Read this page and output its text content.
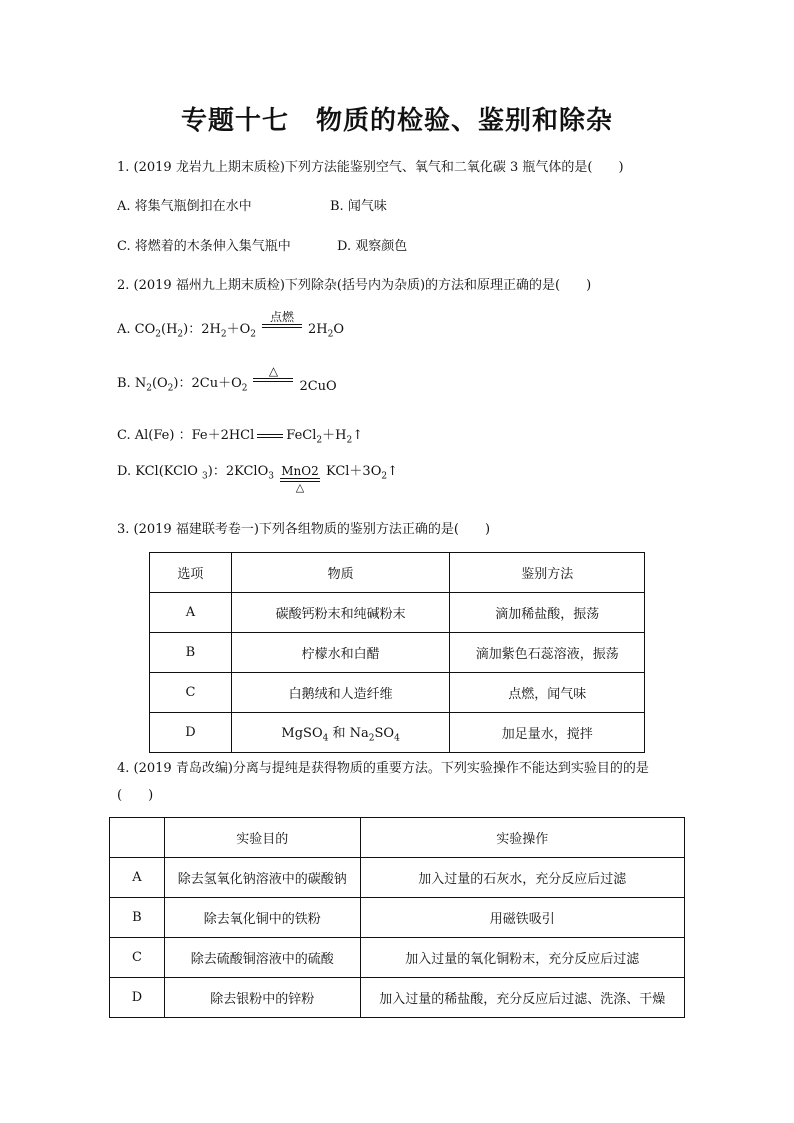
专题十七　物质的检验、鉴别和除杂
1. (2019 龙岩九上期末质检)下列方法能鉴别空气、氧气和二氧化碳 3 瓶气体的是(　　)
A. 将集气瓶倒扣在水中	B. 闻气味
C. 将燃着的木条伸入集气瓶中	D. 观察颜色
2. (2019 福州九上期末质检)下列除杂(括号内为杂质)的方法和原理正确的是(　　)
A. $CO_2(H_2)$：$2H_2+O_2$
点燃
$2H_2O$
B. $N_2(O_2)$：$2Cu+O_2$
△
2CuO
C. Al(Fe) ：Fe＋2HCl $FeCl_2+H_2↑$
D. KCl(KClO $_3$)：2KClO$_3$ MnO2
△
$KCl+3O_2↑$
3. (2019 福建联考卷一)下列各组物质的鉴别方法正确的是(　　)
选项	物质	鉴别方法
A	碳酸钙粉末和纯碱粉末	滴加稀盐酸，振荡
B	柠檬水和白醋	滴加紫色石蕊溶液，振荡
C	白鹅绒和人造纤维	点燃，闻气味
D	MgSO$_4$ 和 $Na_2SO_4$	加足量水，搅拌
4. (2019 青岛改编)分离与提纯是获得物质的重要方法。下列实验操作不能达到实验目的的是
(　　)
	实验目的	实验操作
A	除去氢氧化钠溶液中的碳酸钠	加入过量的石灰水，充分反应后过滤
B	除去氧化铜中的铁粉	用磁铁吸引
C	除去硫酸铜溶液中的硫酸	加入过量的氧化铜粉末，充分反应后过滤
D	除去银粉中的锌粉	加入过量的稀盐酸，充分反应后过滤、洗涤、干燥
